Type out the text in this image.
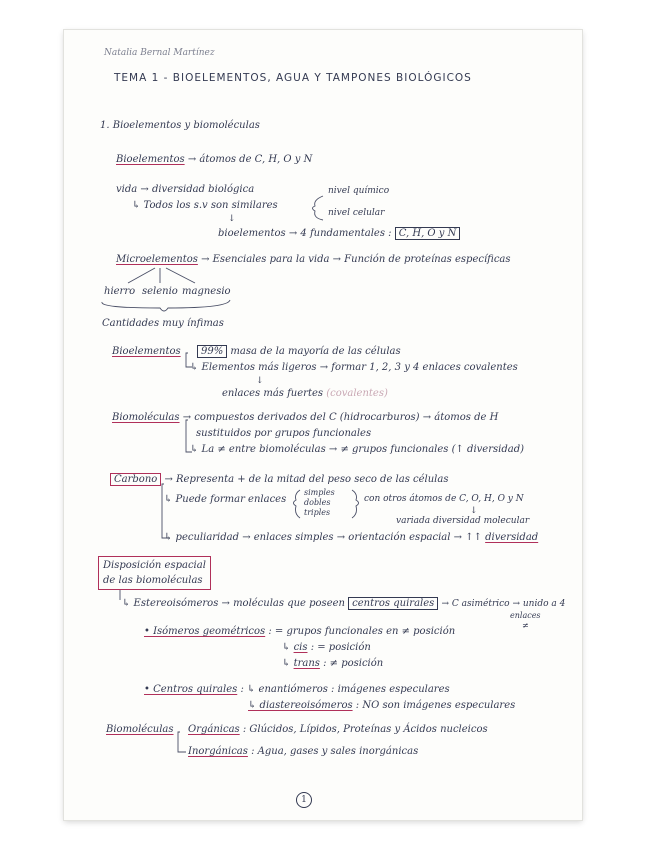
Natalia Bernal Martínez
TEMA 1 - BIOELEMENTOS, AGUA Y TAMPONES BIOLÓGICOS
1. Bioelementos y biomoléculas
Bioelementos → átomos de C, H, O y N
vida → diversidad biológica
↳ Todos los s.v son similares
nivel químico
nivel celular
↓
bioelementos → 4 fundamentales : C, H, O y N
Microelementos → Esenciales para la vida → Función de proteínas específicas
hierro selenio magnesio
Cantidades muy ínfimas
Bioelementos 99% masa de la mayoría de las células
↳ Elementos más ligeros → formar 1, 2, 3 y 4 enlaces covalentes
↓
enlaces más fuertes (covalentes)
Biomoléculas → compuestos derivados del C (hidrocarburos) → átomos de H
sustituidos por grupos funcionales
↳ La ≠ entre biomoléculas → ≠ grupos funcionales (↑ diversidad)
Carbono → Representa + de la mitad del peso seco de las células
↳ Puede formar enlaces
simples
dobles
triples
con otros átomos de C, O, H, O y N
↓
variada diversidad molecular
↳ peculiaridad → enlaces simples → orientación espacial → ↑↑ diversidad
Disposición espacial
de las biomoléculas
↳ Estereoisómeros → moléculas que poseen centros quirales → C asimétrico → unido a 4
enlaces
≠
• Isómeros geométricos : = grupos funcionales en ≠ posición
↳ cis : = posición
↳ trans : ≠ posición
• Centros quirales : ↳ enantiómeros : imágenes especulares
↳ diastereoisómeros : NO son imágenes especulares
Biomoléculas Orgánicas : Glúcidos, Lípidos, Proteínas y Ácidos nucleicos
Inorgánicas : Agua, gases y sales inorgánicas
1
